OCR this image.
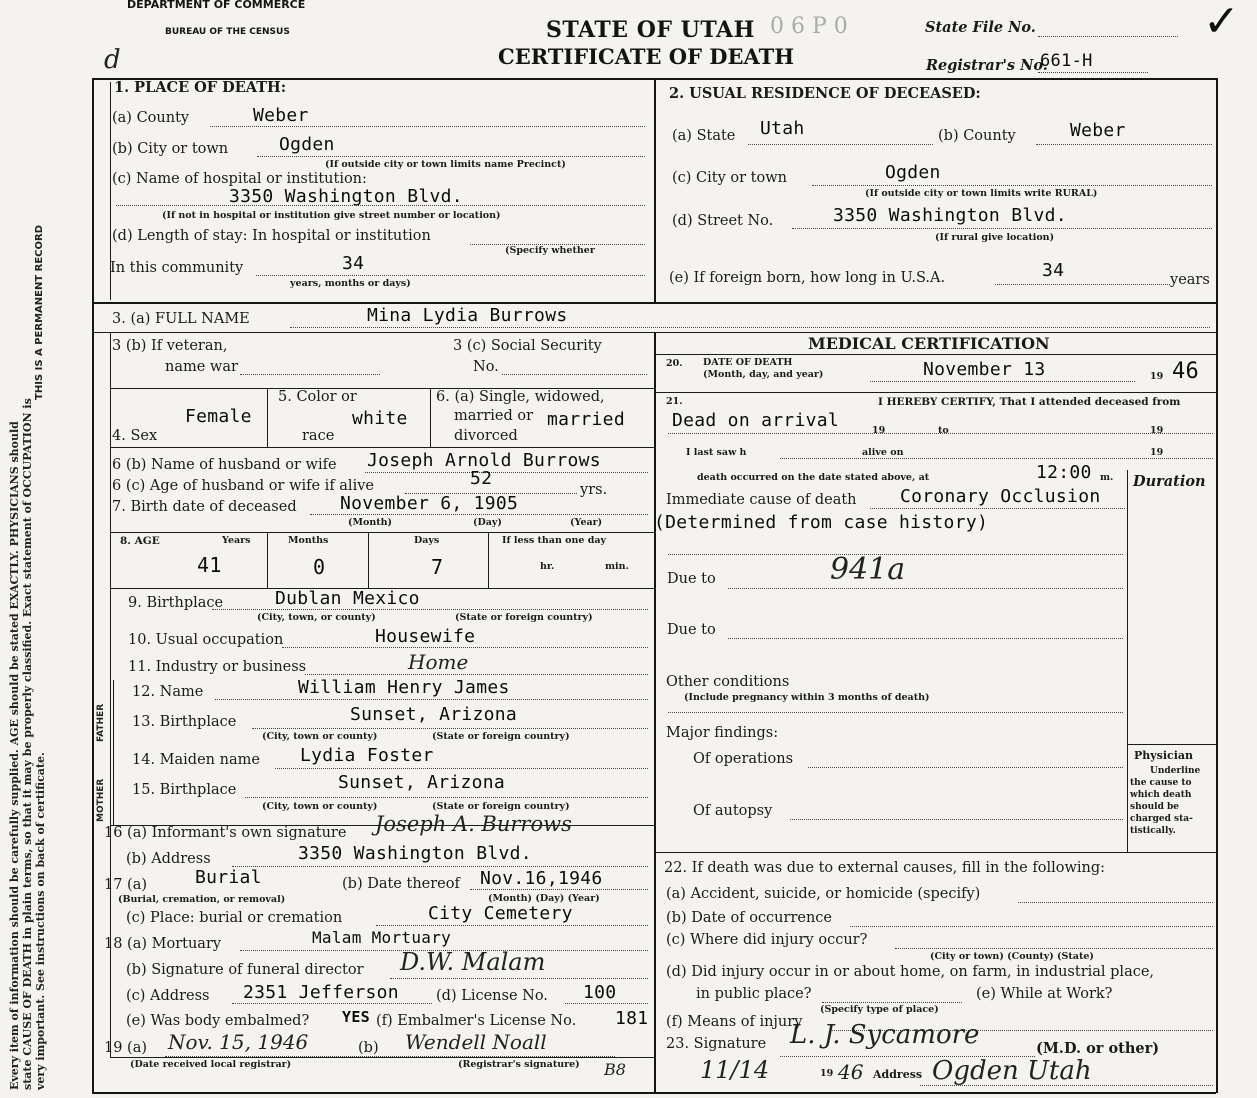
Every item of information should be carefully supplied. AGE should be stated EXACTLY. PHYSICIANS should state CAUSE OF DEATH in plain terms, so that it may be properly classified. Exact statement of OCCUPATION is very important. See instructions on back of certificate.
THIS IS A PERMANENT RECORD
DEPARTMENT OF COMMERCE
BUREAU OF THE CENSUS	STATE OF UTAH 0 6 P 0
CERTIFICATE OF DEATH
State File No.	✓
Registrar's No.
661-H
d
1. PLACE OF DEATH:
(a) County	Weber
(b) City or town	Ogden
(If outside city or town limits name Precinct)
(c) Name of hospital or institution:
3350 Washington Blvd.
(If not in hospital or institution give street number or location)
(d) Length of stay: In hospital or institution
(Specify whether
In this community	34
years, months or days)
2. USUAL RESIDENCE OF DECEASED:
(a) State Utah	(b) County	Weber
(c) City or town	Ogden
(If outside city or town limits write RURAL)
(d) Street No.	3350 Washington Blvd.
(If rural give location)
(e) If foreign born, how long in U.S.A.	34	years
3. (a) FULL NAME	Mina Lydia Burrows
3 (b) If veteran,
name war
3 (c) Social Security
No.
Female
4. Sex
5. Color or
white
race
6. (a) Single, widowed,
married or married
divorced
6 (b) Name of husband or wife Joseph Arnold Burrows
6 (c) Age of husband or wife if alive	52
yrs.
7. Birth date of deceased November 6, 1905
(Month)	(Day)	(Year)
8. AGE	Years	Months	Days	If less than one day
41	0	7	hr.	min.
9. Birthplace	Dublan Mexico
(City, town, or county)	(State or foreign country)
10. Usual occupation	Housewife
11. Industry or business	Home
FATHER
12. Name	William Henry James
13. Birthplace	Sunset, Arizona
(City, town or county)	(State or foreign country)
MOTHER
14. Maiden name Lydia Foster
15. Birthplace	Sunset, Arizona
(City, town or county)	(State or foreign country)
16 (a) Informant's own signature Joseph A. Burrows
(b) Address	3350 Washington Blvd.
17 (a)	Burial
(Burial, cremation, or removal)
(b) Date thereof Nov.16,1946
(Month) (Day) (Year)
(c) Place: burial or cremation	City Cemetery
18 (a) Mortuary	Malam Mortuary
(b) Signature of funeral director D.W. Malam
(c) Address 2351 Jefferson	(d) License No. 100
(e) Was body embalmed? YES (f) Embalmer's License No. 181
19 (a) Nov. 15, 1946	(b) Wendell Noall
(Date received local registrar)	(Registrar's signature) B8
MEDICAL CERTIFICATION
20. DATE OF DEATH
(Month, day, and year)	November 13	19 46
21.	I HEREBY CERTIFY, That I attended deceased from
Dead on arrival	19	to	19
I last saw h	alive on	19
death occurred on the date stated above, at	12:00 m. Duration
Immediate cause of death Coronary Occlusion
(Determined from case history)
Due to	941a
Due to
Other conditions
(Include pregnancy within 3 months of death)
Major findings:
Of operations
Of autopsy
Physician
Underline
the cause to
which death
should be
charged sta-
tistically.
22. If death was due to external causes, fill in the following:
(a) Accident, suicide, or homicide (specify)
(b) Date of occurrence
(c) Where did injury occur?
(City or town) (County) (State)
(d) Did injury occur in or about home, on farm, in industrial place,
in public place?
(Specify type of place)
(e) While at Work?
(f) Means of injury
23. Signature L. J. Sycamore	(M.D. or other)
11/14	19 46 Address Ogden Utah
